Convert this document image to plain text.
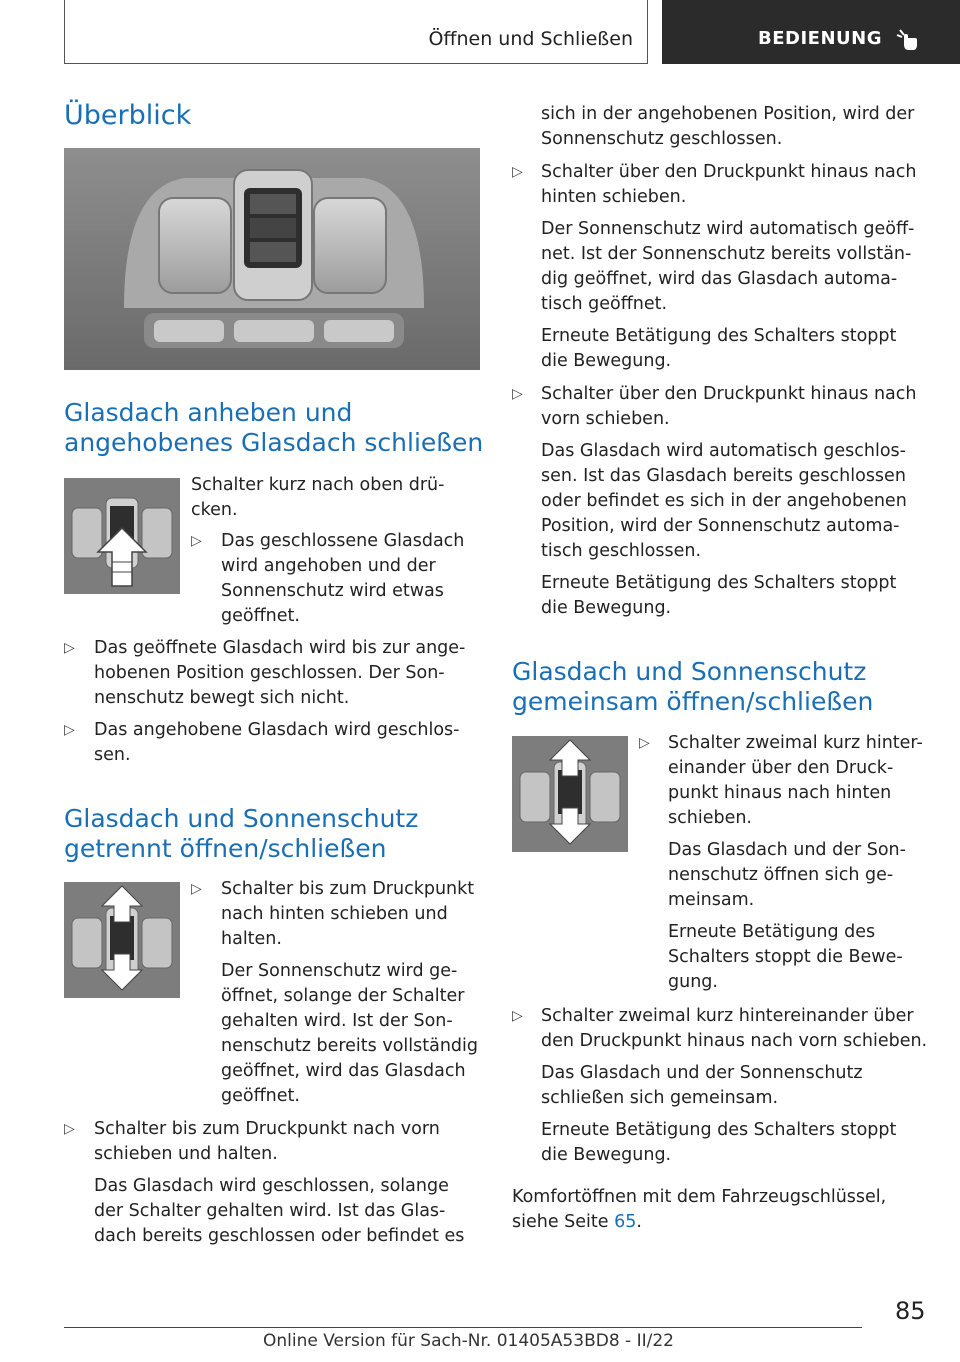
Öffnen und Schließen	BEDIENUNG
Überblick
Glasdach anheben und
angehobenes Glasdach schließen

Schalter kurz nach oben drü-

cken.

▷ Das geschlossene Glasdach

wird angehoben und der

Sonnenschutz wird etwas

geöffnet.

▷ Das geöffnete Glasdach wird bis zur ange-

hobenen Position geschlossen. Der Son-

nenschutz bewegt sich nicht.

▷ Das angehobene Glasdach wird geschlos-

sen.

Glasdach und Sonnenschutz
getrennt öffnen/schließen
▷ Schalter bis zum Druckpunkt

nach hinten schieben und

halten.

Der Sonnenschutz wird ge-

öffnet, solange der Schalter

gehalten wird. Ist der Son-

nenschutz bereits vollständig

geöffnet, wird das Glasdach

geöffnet.

▷ Schalter bis zum Druckpunkt nach vorn

schieben und halten.

Das Glasdach wird geschlossen, solange

der Schalter gehalten wird. Ist das Glas-

dach bereits geschlossen oder befindet es

sich in der angehobenen Position, wird der

Sonnenschutz geschlossen.

▷ Schalter über den Druckpunkt hinaus nach

hinten schieben.

Der Sonnenschutz wird automatisch geöff-

net. Ist der Sonnenschutz bereits vollstän-

dig geöffnet, wird das Glasdach automa-

tisch geöffnet.

Erneute Betätigung des Schalters stoppt

die Bewegung.

▷ Schalter über den Druckpunkt hinaus nach

vorn schieben.

Das Glasdach wird automatisch geschlos-

sen. Ist das Glasdach bereits geschlossen

oder befindet es sich in der angehobenen

Position, wird der Sonnenschutz automa-

tisch geschlossen.

Erneute Betätigung des Schalters stoppt

die Bewegung.

Glasdach und Sonnenschutz
gemeinsam öffnen/schließen
▷ Schalter zweimal kurz hinter-

einander über den Druck-

punkt hinaus nach hinten

schieben.

Das Glasdach und der Son-

nenschutz öffnen sich ge-

meinsam.

Erneute Betätigung des

Schalters stoppt die Bewe-

gung.

▷ Schalter zweimal kurz hintereinander über

den Druckpunkt hinaus nach vorn schieben.

Das Glasdach und der Sonnenschutz

schließen sich gemeinsam.

Erneute Betätigung des Schalters stoppt

die Bewegung.

Komfortöffnen mit dem Fahrzeugschlüssel,

siehe Seite 65.

85
Online Version für Sach-Nr. 01405A53BD8 - II/22
